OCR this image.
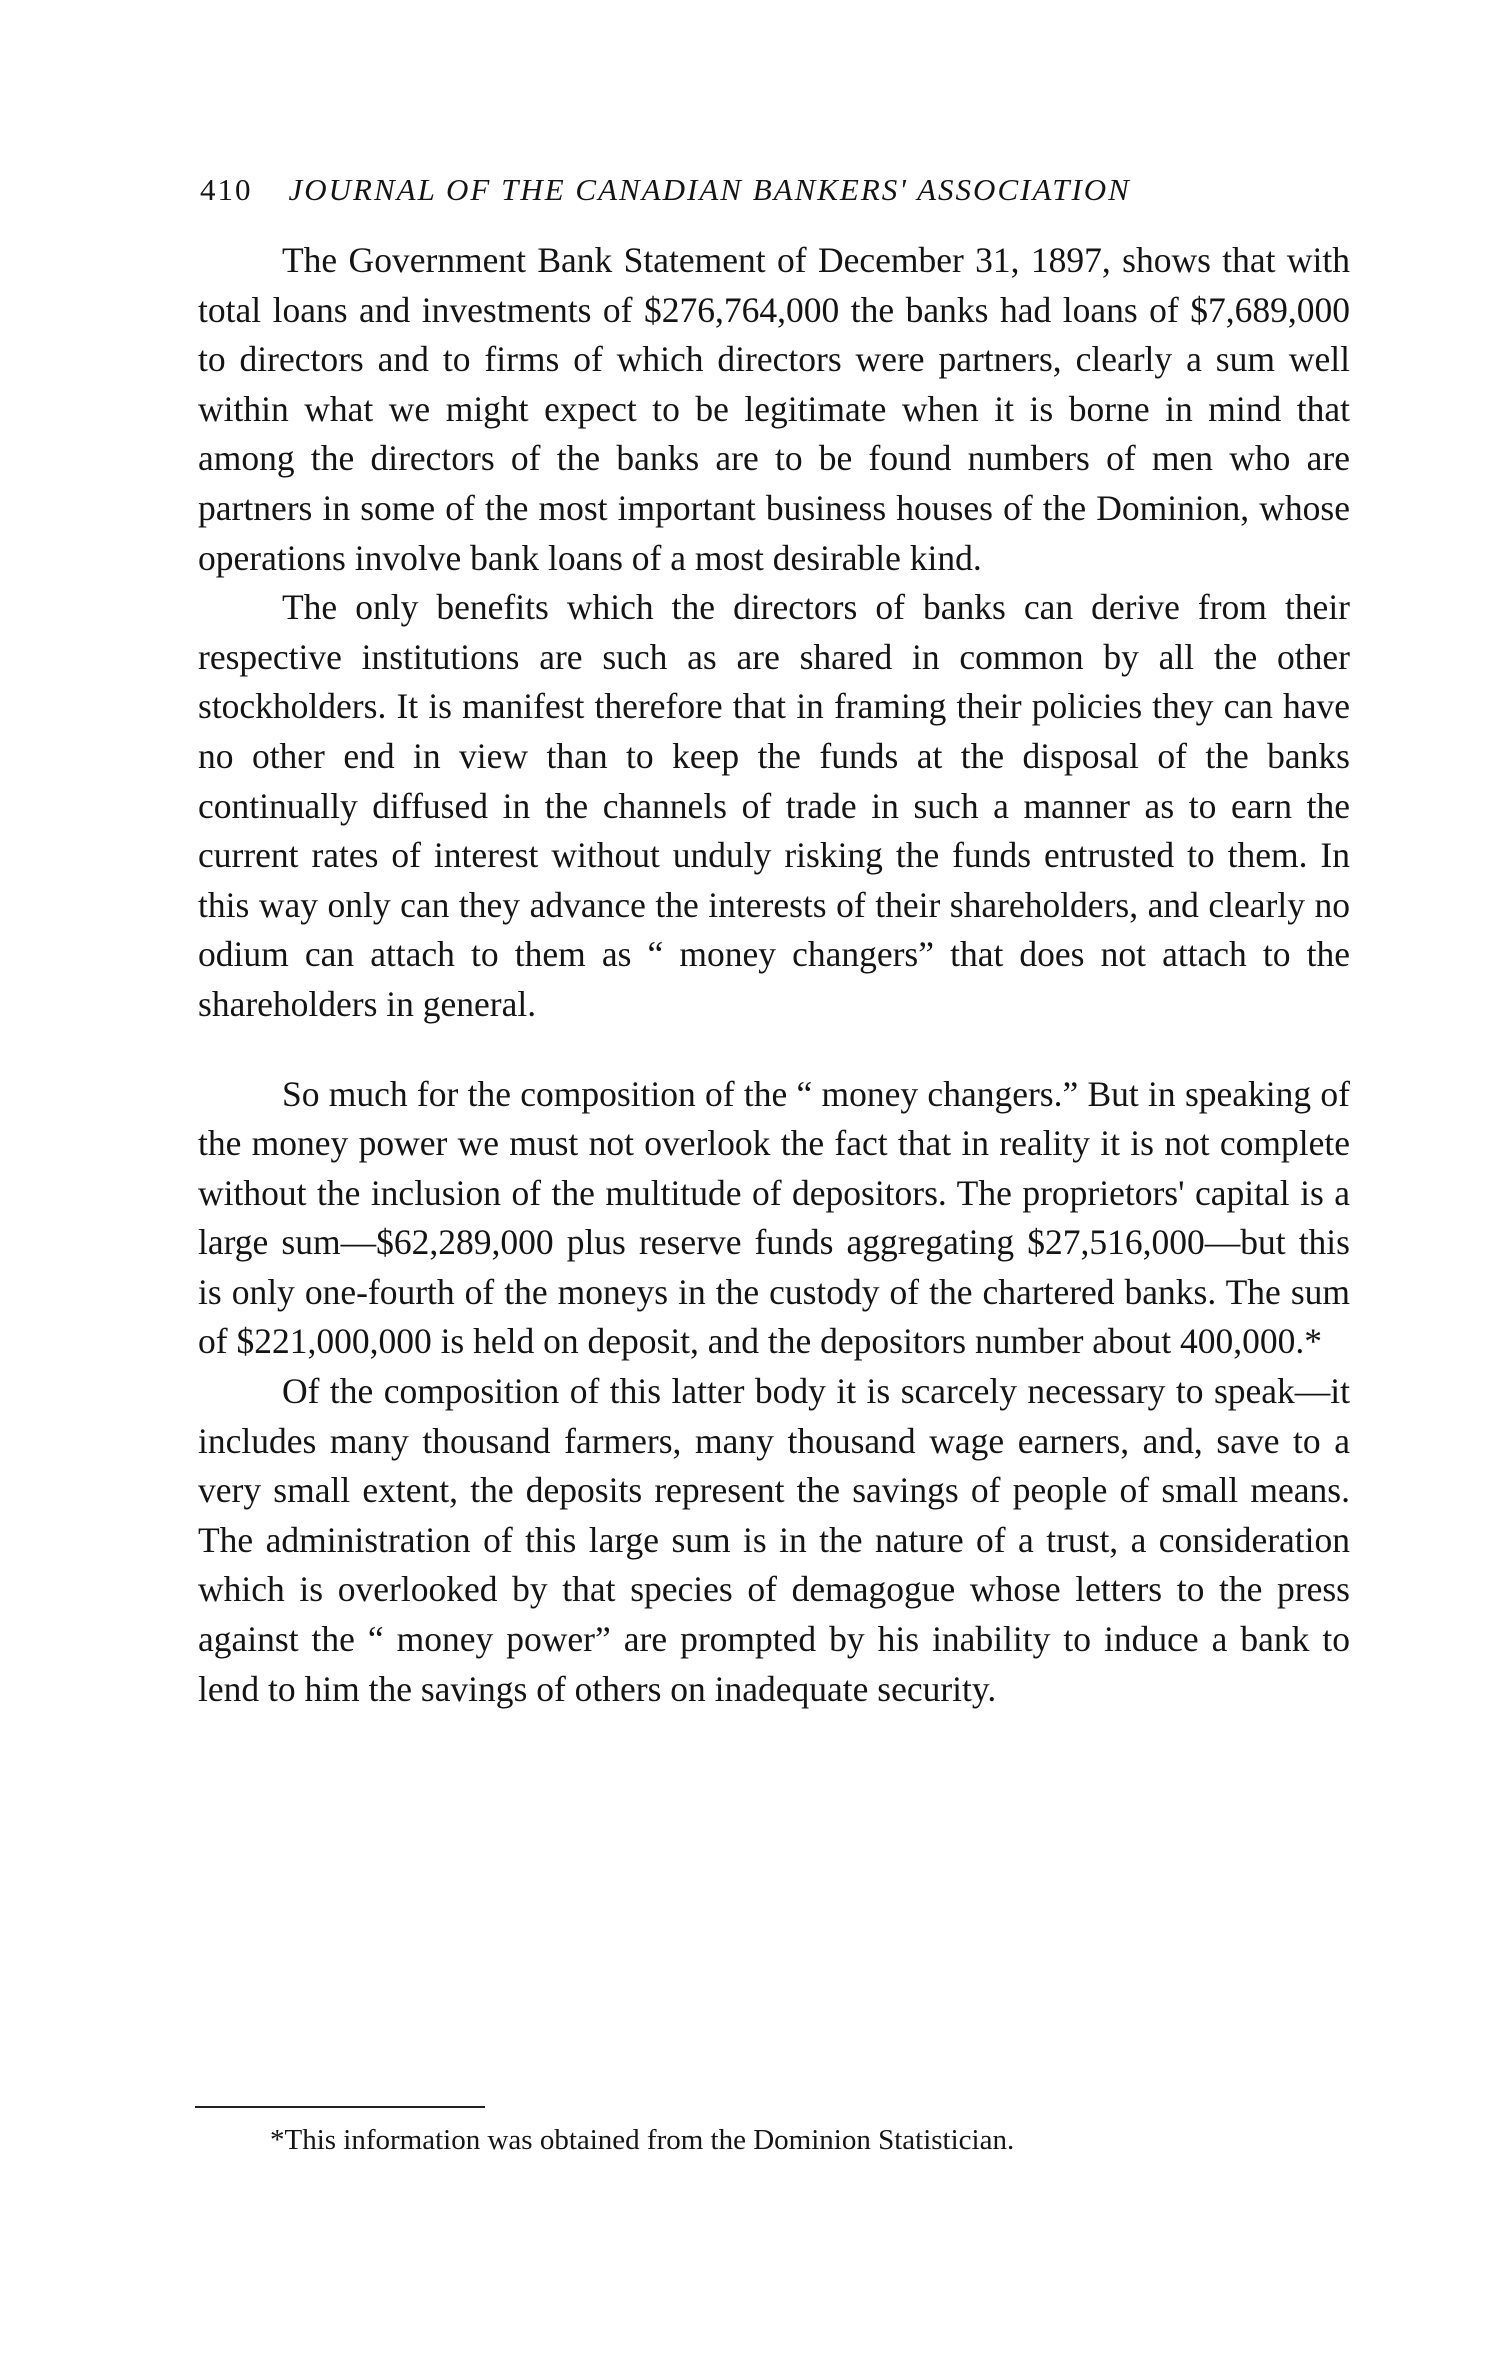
410 JOURNAL OF THE CANADIAN BANKERS' ASSOCIATION

The Government Bank Statement of December 31, 1897, shows that with total loans and investments of $276,764,000 the banks had loans of $7,689,000 to directors and to firms of which directors were partners, clearly a sum well within what we might expect to be legitimate when it is borne in mind that among the directors of the banks are to be found numbers of men who are partners in some of the most important business houses of the Dominion, whose operations involve bank loans of a most desirable kind.

The only benefits which the directors of banks can derive from their respective institutions are such as are shared in common by all the other stockholders. It is manifest therefore that in framing their policies they can have no other end in view than to keep the funds at the disposal of the banks continually diffused in the channels of trade in such a manner as to earn the current rates of interest without unduly risking the funds entrusted to them. In this way only can they advance the interests of their shareholders, and clearly no odium can attach to them as “ money changers” that does not attach to the shareholders in general.

So much for the composition of the “ money changers.” But in speaking of the money power we must not overlook the fact that in reality it is not complete without the inclusion of the multitude of depositors. The proprietors' capital is a large sum—$62,289,000 plus reserve funds aggregating $27,516,000—but this is only one-fourth of the moneys in the custody of the chartered banks. The sum of $221,000,000 is held on deposit, and the depositors number about 400,000.*

Of the composition of this latter body it is scarcely necessary to speak—it includes many thousand farmers, many thousand wage earners, and, save to a very small extent, the deposits represent the savings of people of small means. The administration of this large sum is in the nature of a trust, a consideration which is overlooked by that species of demagogue whose letters to the press against the “ money power” are prompted by his inability to induce a bank to lend to him the savings of others on inadequate security.

*This information was obtained from the Dominion Statistician.
